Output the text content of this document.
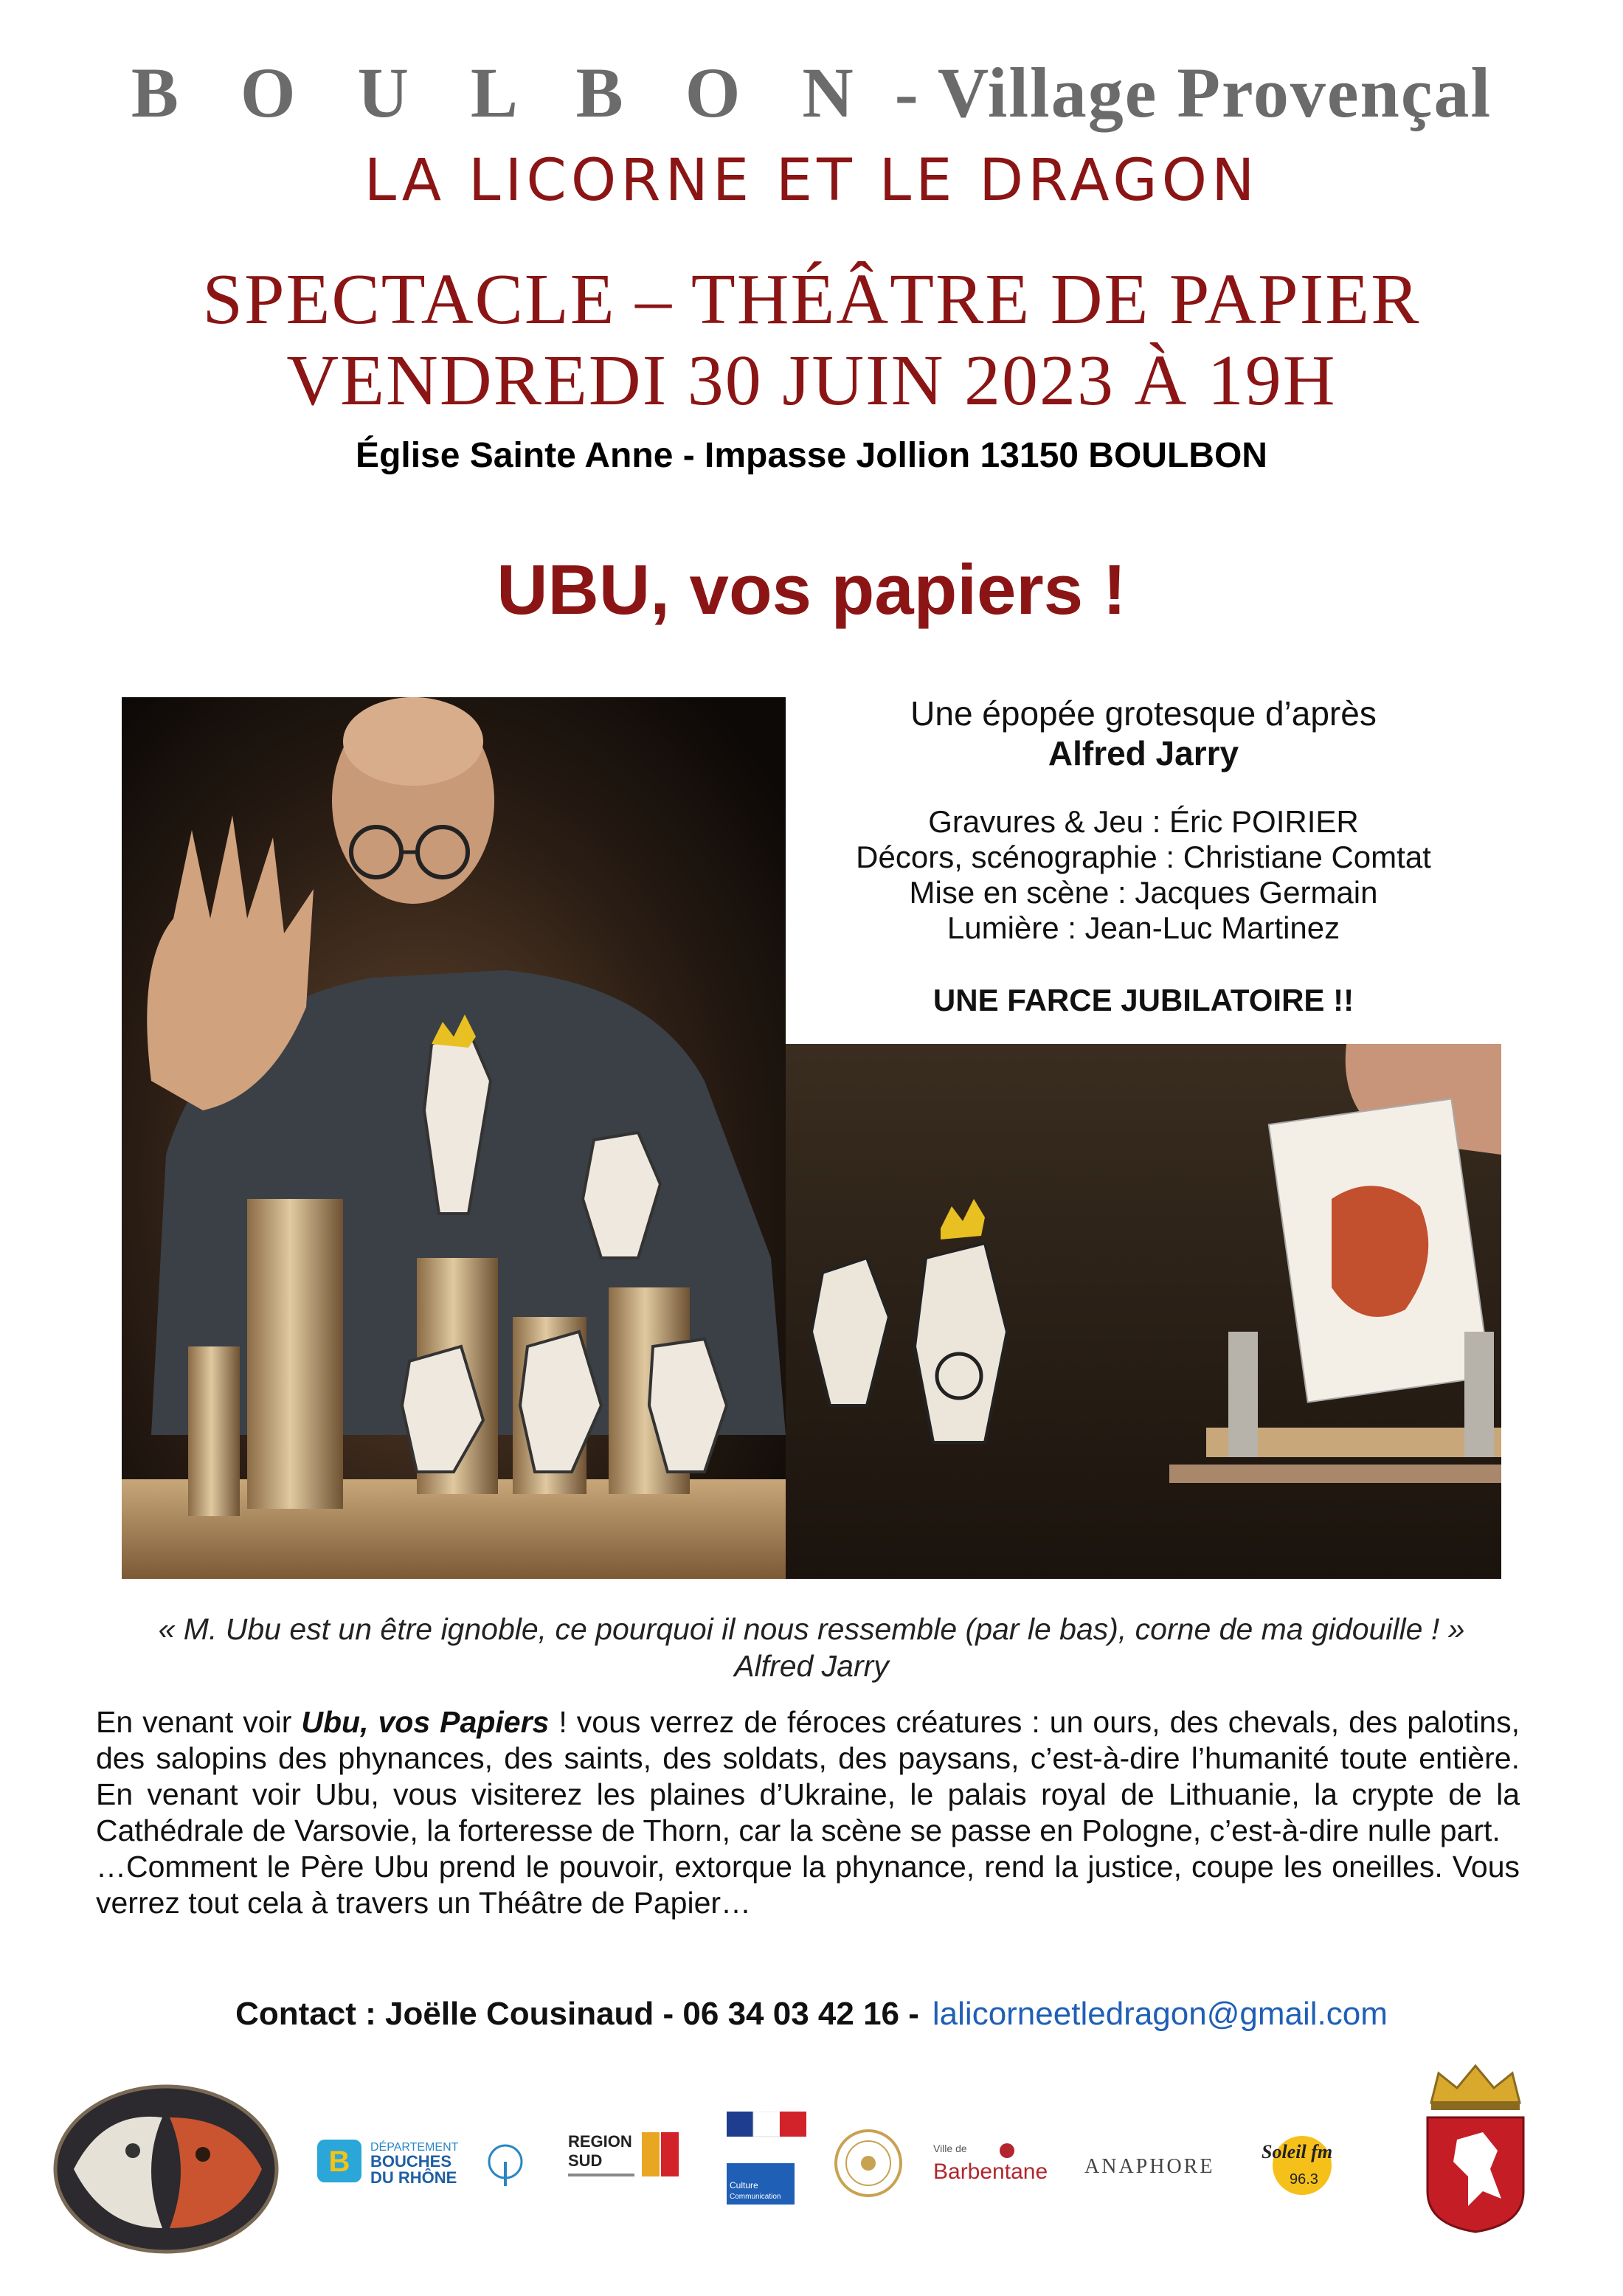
B O U L B O N - Village Provençal
LA LICORNE ET LE DRAGON
SPECTACLE – THÉÂTRE DE PAPIER
VENDREDI 30 JUIN 2023 À 19H
Église Sainte Anne - Impasse Jollion 13150 BOULBON
UBU, vos papiers !
Une épopée grotesque d’après
Alfred Jarry
Gravures & Jeu : Éric POIRIER
Décors, scénographie : Christiane Comtat
Mise en scène : Jacques Germain
Lumière : Jean-Luc Martinez
UNE FARCE JUBILATOIRE !!
« M. Ubu est un être ignoble, ce pourquoi il nous ressemble (par le bas), corne de ma gidouille ! »
Alfred Jarry

En venant voir Ubu, vos Papiers ! vous verrez de féroces créatures : un ours, des chevals, des palotins, des salopins des phynances, des saints, des soldats, des paysans, c’est-à-dire l’humanité toute entière. En venant voir Ubu, vous visiterez les plaines d’Ukraine, le palais royal de Lithuanie, la crypte de la Cathédrale de Varsovie, la forteresse de Thorn, car la scène se passe en Pologne, c’est-à-dire nulle part.

…Comment le Père Ubu prend le pouvoir, extorque la phynance, rend la justice, coupe les oneilles. Vous verrez tout cela à travers un Théâtre de Papier…

Contact : Joëlle Cousinaud - 06 34 03 42 16 - lalicorneetledragon@gmail.com
B DÉPARTEMENT
BOUCHES
DU RHÔNE
REGION
SUD
Culture
Communication
Ville de
Barbentane ANAPHORE
Soleil fm
96.3
